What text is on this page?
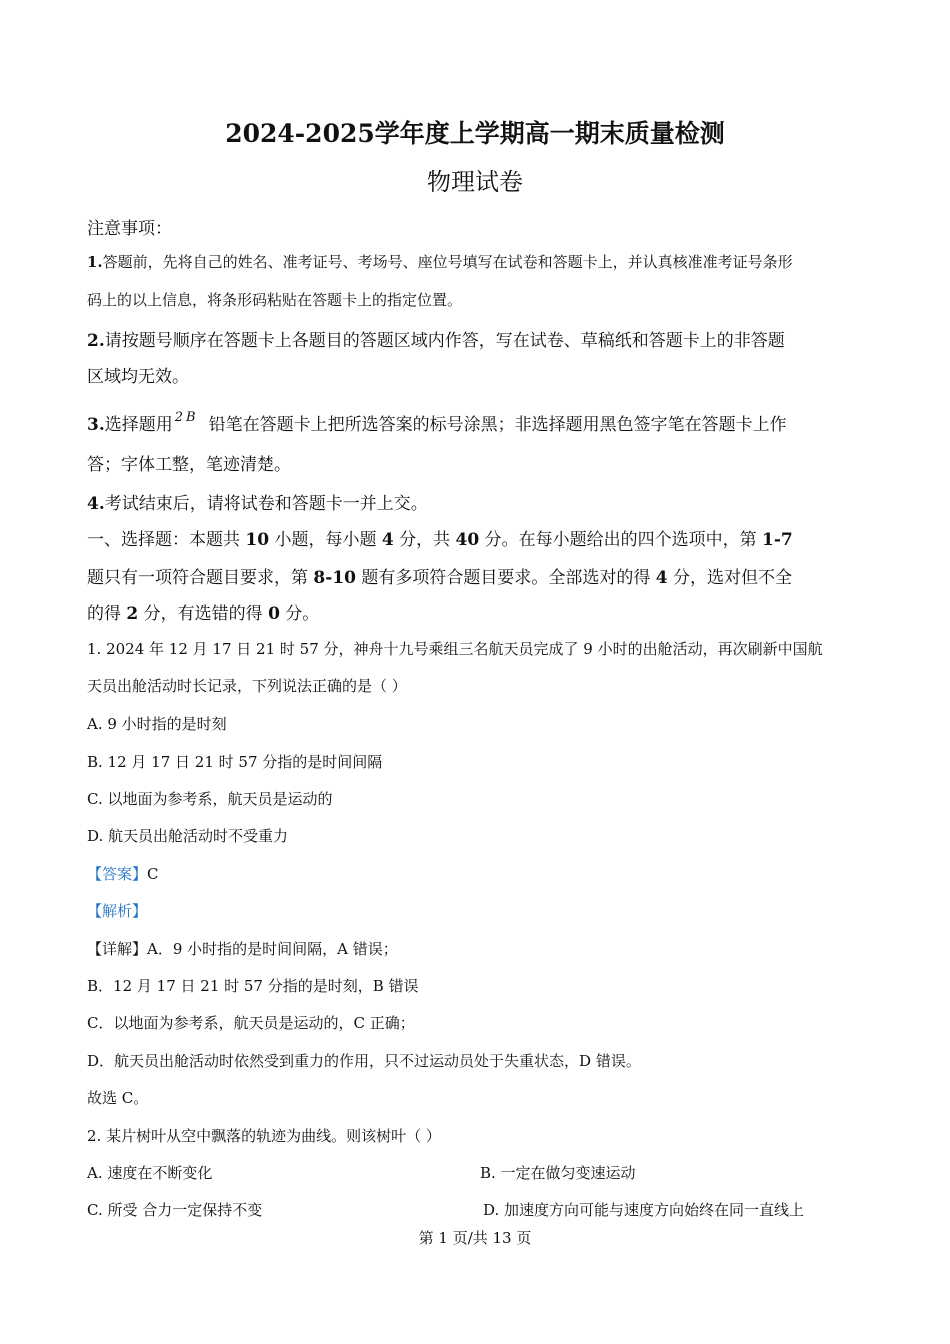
2024-2025学年度上学期高一期末质量检测
物理试卷
注意事项：
1.答题前，先将自己的姓名、准考证号、考场号、座位号填写在试卷和答题卡上，并认真核准准考证号条形
码上的以上信息，将条形码粘贴在答题卡上的指定位置。
2.请按题号顺序在答题卡上各题目的答题区域内作答，写在试卷、草稿纸和答题卡上的非答题
区域均无效。
3.选择题用 2B 铅笔在答题卡上把所选答案的标号涂黑；非选择题用黑色签字笔在答题卡上作
答；字体工整，笔迹清楚。
4.考试结束后，请将试卷和答题卡一并上交。
一、选择题：本题共 10 小题，每小题 4 分，共 40 分。在每小题给出的四个选项中，第 1-7
题只有一项符合题目要求，第 8-10 题有多项符合题目要求。全部选对的得 4 分，选对但不全
的得 2 分，有选错的得 0 分。
1. 2024 年 12 月 17 日 21 时 57 分，神舟十九号乘组三名航天员完成了 9 小时的出舱活动，再次刷新中国航
天员出舱活动时长记录，下列说法正确的是（ ）
A. 9 小时指的是时刻
B. 12 月 17 日 21 时 57 分指的是时间间隔
C. 以地面为参考系，航天员是运动的
D. 航天员出舱活动时不受重力
【答案】C
【解析】
【详解】A．9 小时指的是时间间隔，A 错误；
B．12 月 17 日 21 时 57 分指的是时刻，B 错误
C．以地面为参考系，航天员是运动的，C 正确；
D．航天员出舱活动时依然受到重力的作用，只不过运动员处于失重状态，D 错误。
故选 C。
2. 某片树叶从空中飘落的轨迹为曲线。则该树叶（ ）
A. 速度在不断变化	B. 一定在做匀变速运动
C. 所受 合力一定保持不变	D. 加速度方向可能与速度方向始终在同一直线上
第 1 页/共 13 页
